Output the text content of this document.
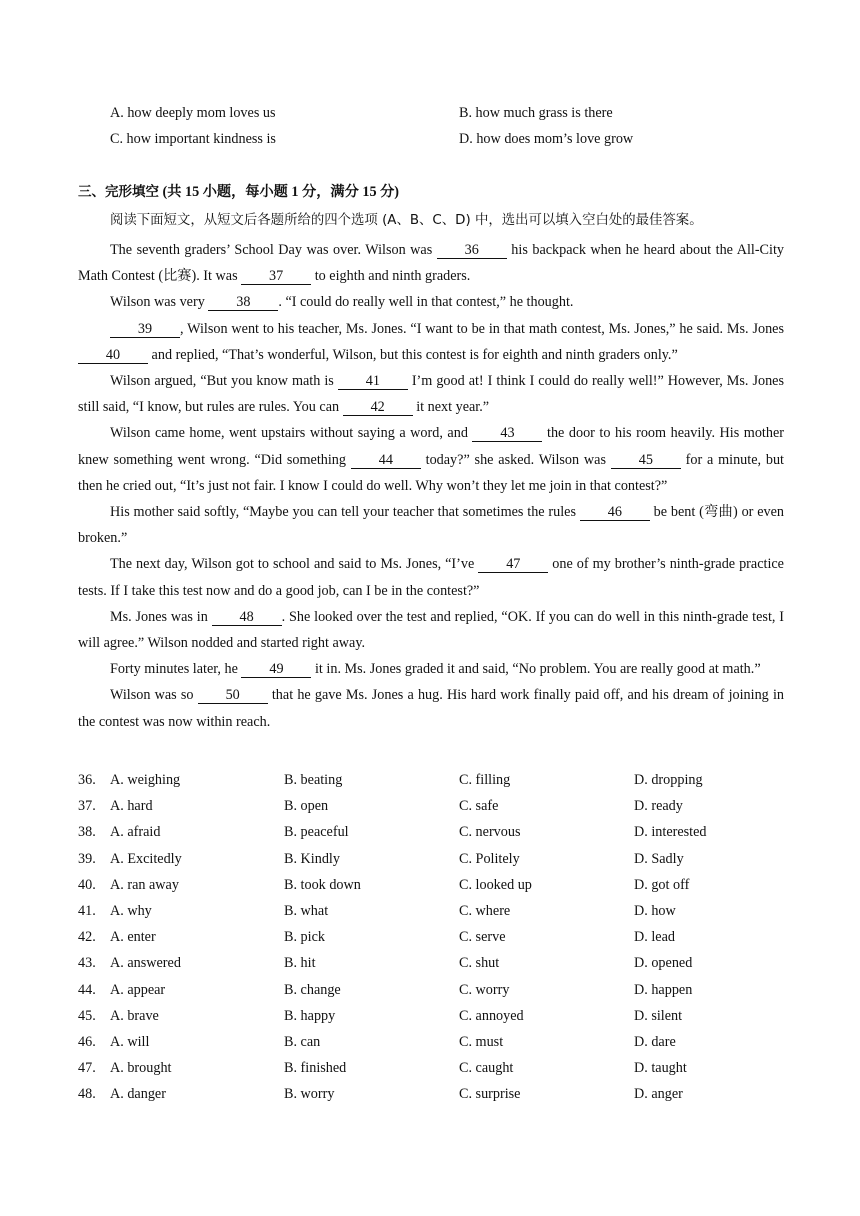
A. how deeply mom loves us	B. how much grass is there
C. how important kindness is	D. how does mom’s love grow
三、完形填空 (共 15 小题，每小题 1 分，满分 15 分)
阅读下面短文，从短文后各题所给的四个选项 (A、B、C、D) 中，选出可以填入空白处的最佳答案。

The seventh graders’ School Day was over. Wilson was 36 his backpack when he heard about the All-City Math Contest (比赛). It was 37 to eighth and ninth graders.

Wilson was very 38 . “I could do really well in that contest,” he thought.

39 , Wilson went to his teacher, Ms. Jones. “I want to be in that math contest, Ms. Jones,” he said. Ms. Jones 40 and replied, “That’s wonderful, Wilson, but this contest is for eighth and ninth graders only.”

Wilson argued, “But you know math is 41 I’m good at! I think I could do really well!” However, Ms. Jones still said, “I know, but rules are rules. You can 42 it next year.”

Wilson came home, went upstairs without saying a word, and 43 the door to his room heavily. His mother knew something went wrong. “Did something 44 today?” she asked. Wilson was 45 for a minute, but then he cried out, “It’s just not fair. I know I could do well. Why won’t they let me join in that contest?”

His mother said softly, “Maybe you can tell your teacher that sometimes the rules 46 be bent (弯曲) or even broken.”

The next day, Wilson got to school and said to Ms. Jones, “I’ve 47 one of my brother’s ninth-grade practice tests. If I take this test now and do a good job, can I be in the contest?”

Ms. Jones was in 48 . She looked over the test and replied, “OK. If you can do well in this ninth-grade test, I will agree.” Wilson nodded and started right away.

Forty minutes later, he 49 it in. Ms. Jones graded it and said, “No problem. You are really good at math.”

Wilson was so 50 that he gave Ms. Jones a hug. His hard work finally paid off, and his dream of joining in the contest was now within reach.

36. A. weighing	B. beating	C. filling	D. dropping
37. A. hard	B. open	C. safe	D. ready
38. A. afraid	B. peaceful	C. nervous	D. interested
39. A. Excitedly	B. Kindly	C. Politely	D. Sadly
40. A. ran away	B. took down	C. looked up	D. got off
41. A. why	B. what	C. where	D. how
42. A. enter	B. pick	C. serve	D. lead
43. A. answered	B. hit	C. shut	D. opened
44. A. appear	B. change	C. worry	D. happen
45. A. brave	B. happy	C. annoyed	D. silent
46. A. will	B. can	C. must	D. dare
47. A. brought	B. finished	C. caught	D. taught
48. A. danger	B. worry	C. surprise	D. anger
